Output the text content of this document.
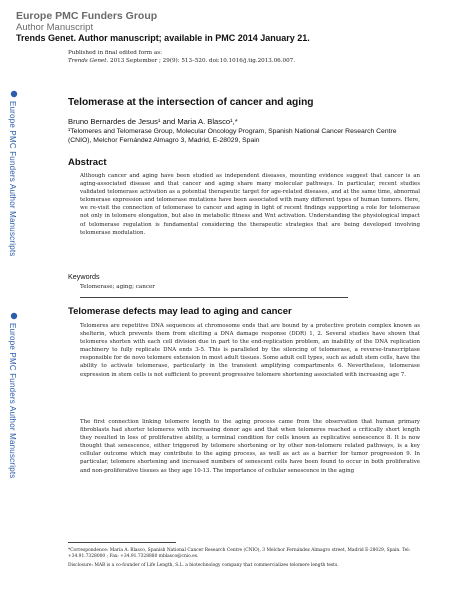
Europe PMC Funders Group
Author Manuscript
Trends Genet. Author manuscript; available in PMC 2014 January 21.
Published in final edited form as:
Trends Genet. 2013 September ; 29(9): 513–520. doi:10.1016/j.tig.2013.06.007.
Europe PMC Funders Author Manuscripts
Europe PMC Funders Author Manuscripts
Telomerase at the intersection of cancer and aging
Bruno Bernardes de Jesus¹ and Maria A. Blasco¹,*
¹Telomeres and Telomerase Group, Molecular Oncology Program, Spanish National Cancer Research Centre (CNIO), Melchor Fernández Almagro 3, Madrid, E-28029, Spain
Abstract
Although cancer and aging have been studied as independent diseases, mounting evidence suggest that cancer is an aging-associated disease and that cancer and aging share many molecular pathways. In particular, recent studies validated telomerase activation as a potential therapeutic target for age-related diseases, and at the same time, abnormal telomerase expression and telomerase mutations have been associated with many different types of human tumors. Here, we re-visit the connection of telomerase to cancer and aging in light of recent findings supporting a role for telomerase not only in telomere elongation, but also in metabolic fitness and Wnt activation. Understanding the physiological impact of telomerase regulation is fundamental considering the therapeutic strategies that are being developed involving telomerase modulation.
Keywords
Telomerase; aging; cancer
Telomerase defects may lead to aging and cancer
Telomeres are repetitive DNA sequences at chromosome ends that are bound by a protective protein complex known as shelterin, which prevents them from eliciting a DNA damage response (DDR) 1, 2. Several studies have shown that telomeres shorten with each cell division due in part to the end-replication problem, an inability of the DNA replication machinery to fully replicate DNA ends 3-5. This is paralleled by the silencing of telomerase, a reverse-transcriptase responsible for de novo telomere extension in most adult tissues. Some adult cell types, such as adult stem cells, have the ability to activate telomerase, particularly in the transient amplifying compartments 6. Nevertheless, telomerase expression in stem cells is not sufficient to prevent progressive telomere shortening associated with increasing age 7.
The first connection linking telomere length to the aging process came from the observation that human primary fibroblasts had shorter telomeres with increasing donor age and that when telomeres reached a critically short length they resulted in loss of proliferative ability, a terminal condition for cells known as replicative senescence 8. It is now thought that senescence, either triggered by telomere shortening or by other non-telomere related pathways, is a key cellular outcome which may contribute to the aging process, as well as act as a barrier for tumor progression 9. In particular, telomere shortening and increased numbers of senescent cells have been found to occur in both proliferative and non-proliferative tissues as they age 10-13. The importance of cellular senescence in the aging
*Correspondence: Maria A. Blasco, Spanish National Cancer Research Centre (CNIO), 3 Melchor Fernández Almagro street, Madrid E-28029, Spain. Tel: +34.91.7328000 ; Fax: +34.91.7328880 mblasco@cnio.es.
Disclosure: MAB is a co-founder of Life Length, S.L. a biotechnology company that commercializes telomere length tests.
